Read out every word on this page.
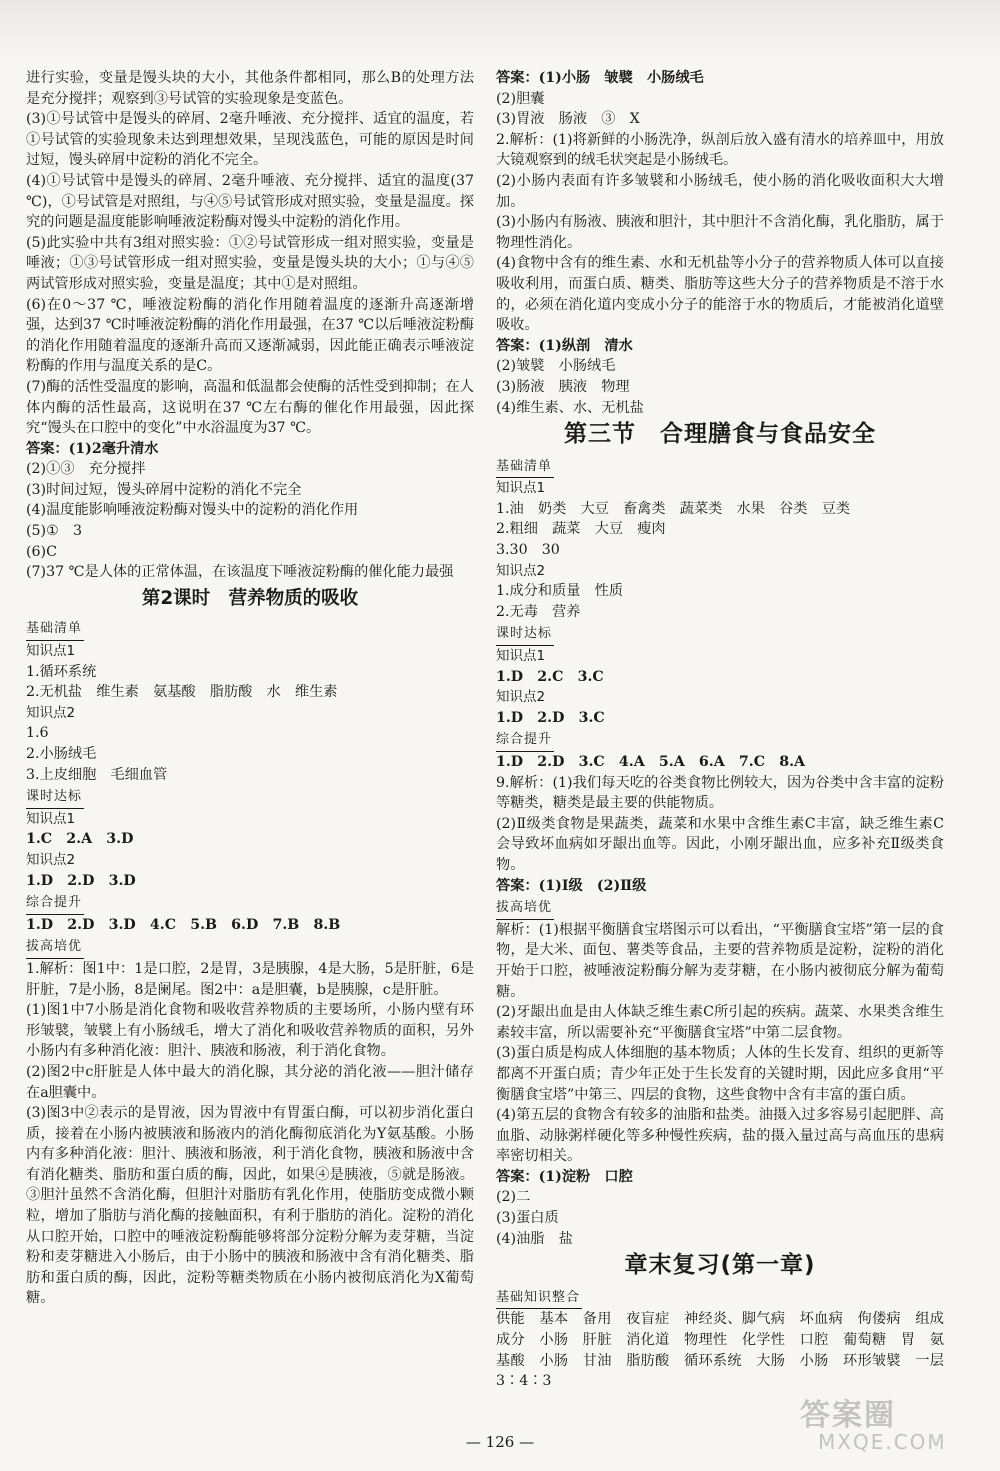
进行实验，变量是馒头块的大小，其他条件都相同，那么B的处理方法是充分搅拌；观察到③号试管的实验现象是变蓝色。

(3)①号试管中是馒头的碎屑、2毫升唾液、充分搅拌、适宜的温度，若①号试管的实验现象未达到理想效果，呈现浅蓝色，可能的原因是时间过短，馒头碎屑中淀粉的消化不完全。

(4)①号试管中是馒头的碎屑、2毫升唾液、充分搅拌、适宜的温度(37 ℃)，①号试管是对照组，与④⑤号试管形成对照实验，变量是温度。探究的问题是温度能影响唾液淀粉酶对馒头中淀粉的消化作用。

(5)此实验中共有3组对照实验：①②号试管形成一组对照实验，变量是唾液；①③号试管形成一组对照实验，变量是馒头块的大小；①与④⑤两试管形成对照实验，变量是温度；其中①是对照组。

(6)在0～37 ℃，唾液淀粉酶的消化作用随着温度的逐渐升高逐渐增强，达到37 ℃时唾液淀粉酶的消化作用最强，在37 ℃以后唾液淀粉酶的消化作用随着温度的逐渐升高而又逐渐减弱，因此能正确表示唾液淀粉酶的作用与温度关系的是C。

(7)酶的活性受温度的影响，高温和低温都会使酶的活性受到抑制；在人体内酶的活性最高，这说明在37 ℃左右酶的催化作用最强，因此探究“馒头在口腔中的变化”中水浴温度为37 ℃。

答案：(1)2毫升清水

(2)①③　充分搅拌

(3)时间过短，馒头碎屑中淀粉的消化不完全

(4)温度能影响唾液淀粉酶对馒头中的淀粉的消化作用

(5)①　3

(6)C

(7)37 ℃是人体的正常体温，在该温度下唾液淀粉酶的催化能力最强

第2课时　营养物质的吸收
基础清单
知识点1

1.循环系统

2.无机盐　维生素　氨基酸　脂肪酸　水　维生素

知识点2

1.6

2.小肠绒毛

3.上皮细胞　毛细血管

课时达标
知识点1

1.C　2.A　3.D

知识点2

1.D　2.D　3.D

综合提升

1.D　2.D　3.D　4.C　5.B　6.D　7.B　8.B

拔高培优

1.解析：图1中：1是口腔，2是胃，3是胰腺，4是大肠，5是肝脏，6是肝脏，7是小肠，8是阑尾。图2中：a是胆囊，b是胰腺，c是肝脏。

(1)图1中7小肠是消化食物和吸收营养物质的主要场所，小肠内壁有环形皱襞，皱襞上有小肠绒毛，增大了消化和吸收营养物质的面积，另外小肠内有多种消化液：胆汁、胰液和肠液，利于消化食物。

(2)图2中c肝脏是人体中最大的消化腺，其分泌的消化液——胆汁储存在a胆囊中。

(3)图3中②表示的是胃液，因为胃液中有胃蛋白酶，可以初步消化蛋白质，接着在小肠内被胰液和肠液内的消化酶彻底消化为Y氨基酸。小肠内有多种消化液：胆汁、胰液和肠液，利于消化食物，胰液和肠液中含有消化糖类、脂肪和蛋白质的酶，因此，如果④是胰液，⑤就是肠液。③胆汁虽然不含消化酶，但胆汁对脂肪有乳化作用，使脂肪变成微小颗粒，增加了脂肪与消化酶的接触面积，有利于脂肪的消化。淀粉的消化从口腔开始，口腔中的唾液淀粉酶能够将部分淀粉分解为麦芽糖，当淀粉和麦芽糖进入小肠后，由于小肠中的胰液和肠液中含有消化糖类、脂肪和蛋白质的酶，因此，淀粉等糖类物质在小肠内被彻底消化为X葡萄糖。

答案：(1)小肠　皱襞　小肠绒毛

(2)胆囊

(3)胃液　肠液　③　X

2.解析：(1)将新鲜的小肠洗净，纵剖后放入盛有清水的培养皿中，用放大镜观察到的绒毛状突起是小肠绒毛。

(2)小肠内表面有许多皱襞和小肠绒毛，使小肠的消化吸收面积大大增加。

(3)小肠内有肠液、胰液和胆汁，其中胆汁不含消化酶，乳化脂肪，属于物理性消化。

(4)食物中含有的维生素、水和无机盐等小分子的营养物质人体可以直接吸收利用，而蛋白质、糖类、脂肪等这些大分子的营养物质是不溶于水的，必须在消化道内变成小分子的能溶于水的物质后，才能被消化道壁吸收。

答案：(1)纵剖　清水

(2)皱襞　小肠绒毛

(3)肠液　胰液　物理

(4)维生素、水、无机盐

第三节　合理膳食与食品安全
基础清单
知识点1

1.油　奶类　大豆　畜禽类　蔬菜类　水果　谷类　豆类

2.粗细　蔬菜　大豆　瘦肉

3.30　30

知识点2

1.成分和质量　性质

2.无毒　营养

课时达标
知识点1

1.D　2.C　3.C

知识点2

1.D　2.D　3.C

综合提升

1.D　2.D　3.C　4.A　5.A　6.A　7.C　8.A

9.解析：(1)我们每天吃的谷类食物比例较大，因为谷类中含丰富的淀粉等糖类，糖类是最主要的供能物质。

(2)Ⅱ级类食物是果蔬类，蔬菜和水果中含维生素C丰富，缺乏维生素C会导致坏血病如牙龈出血等。因此，小刚牙龈出血，应多补充Ⅱ级类食物。

答案：(1)Ⅰ级　(2)Ⅱ级

拔高培优

解析：(1)根据平衡膳食宝塔图示可以看出，“平衡膳食宝塔”第一层的食物，是大米、面包、薯类等食品，主要的营养物质是淀粉，淀粉的消化开始于口腔，被唾液淀粉酶分解为麦芽糖，在小肠内被彻底分解为葡萄糖。

(2)牙龈出血是由人体缺乏维生素C所引起的疾病。蔬菜、水果类含维生素较丰富，所以需要补充“平衡膳食宝塔”中第二层食物。

(3)蛋白质是构成人体细胞的基本物质；人体的生长发育、组织的更新等都离不开蛋白质；青少年正处于生长发育的关键时期，因此应多食用“平衡膳食宝塔”中第三、四层的食物，这些食物中含有丰富的蛋白质。

(4)第五层的食物含有较多的油脂和盐类。油摄入过多容易引起肥胖、高血脂、动脉粥样硬化等多种慢性疾病，盐的摄入量过高与高血压的患病率密切相关。

答案：(1)淀粉　口腔

(2)二

(3)蛋白质

(4)油脂　盐

章末复习(第一章)
基础知识整合

供能　基本　备用　夜盲症　神经炎、脚气病　坏血病　佝偻病　组成成分　小肠　肝脏　消化道　物理性　化学性　口腔　葡萄糖　胃　氨基酸　小肠　甘油　脂肪酸　循环系统　大肠　小肠　环形皱襞　一层　3∶4∶3

— 126 —
答案圈
MXQE.COM
